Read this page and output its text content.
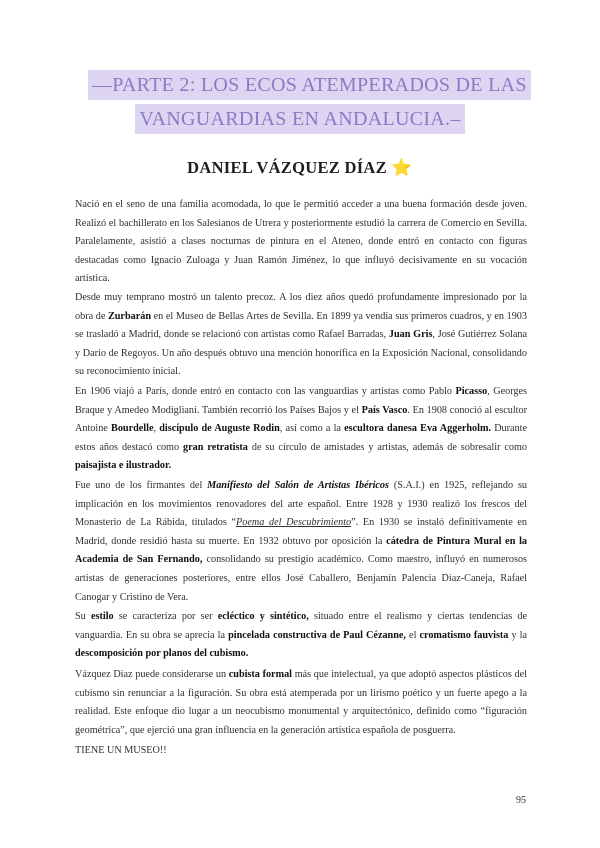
—PARTE 2: LOS ECOS ATEMPERADOS DE LAS
VANGUARDIAS EN ANDALUCIA.–
DANIEL VÁZQUEZ DÍAZ ⭐
Nació en el seno de una familia acomodada, lo que le permitió acceder a una buena formación desde joven. Realizó el bachillerato en los Salesianos de Utrera y posteriormente estudió la carrera de Comercio en Sevilla. Paralelamente, asistió a clases nocturnas de pintura en el Ateneo, donde entró en contacto con figuras destacadas como Ignacio Zuloaga y Juan Ramón Jiménez, lo que influyó decisivamente en su vocación artística.
Desde muy temprano mostró un talento precoz. A los diez años quedó profundamente impresionado por la obra de Zurbarán en el Museo de Bellas Artes de Sevilla. En 1899 ya vendía sus primeros cuadros, y en 1903 se trasladó a Madrid, donde se relacionó con artistas como Rafael Barradas, Juan Gris, José Gutiérrez Solana y Darío de Regoyos. Un año después obtuvo una mención honorífica en la Exposición Nacional, consolidando su reconocimiento inicial.
En 1906 viajó a París, donde entró en contacto con las vanguardias y artistas como Pablo Picasso, Georges Braque y Amedeo Modigliani. También recorrió los Países Bajos y el País Vasco. En 1908 conoció al escultor Antoine Bourdelle, discípulo de Auguste Rodin, así como a la escultora danesa Eva Aggerholm. Durante estos años destacó como gran retratista de su círculo de amistades y artistas, además de sobresalir como paisajista e ilustrador.
Fue uno de los firmantes del Manifiesto del Salón de Artistas Ibéricos (S.A.I.) en 1925, reflejando su implicación en los movimientos renovadores del arte español. Entre 1928 y 1930 realizó los frescos del Monasterio de La Rábida, titulados “Poema del Descubrimiento”. En 1930 se instaló definitivamente en Madrid, donde residió hasta su muerte. En 1932 obtuvo por oposición la cátedra de Pintura Mural en la Academia de San Fernando, consolidando su prestigio académico. Como maestro, influyó en numerosos artistas de generaciones posteriores, entre ellos José Caballero, Benjamín Palencia Díaz-Caneja, Rafael Canogar y Cristino de Vera.
Su estilo se caracteriza por ser ecléctico y sintético, situado entre el realismo y ciertas tendencias de vanguardia. En su obra se aprecia la pincelada constructiva de Paul Cézanne, el cromatismo fauvista y la descomposición por planos del cubismo.
Vázquez Díaz puede considerarse un cubista formal más que intelectual, ya que adoptó aspectos plásticos del cubismo sin renunciar a la figuración. Su obra está atemperada por un lirismo poético y un fuerte apego a la realidad. Este enfoque dio lugar a un neocubismo monumental y arquitectónico, definido como “figuración geométrica”, que ejerció una gran influencia en la generación artística española de posguerra.
TIENE UN MUSEO!!
95
